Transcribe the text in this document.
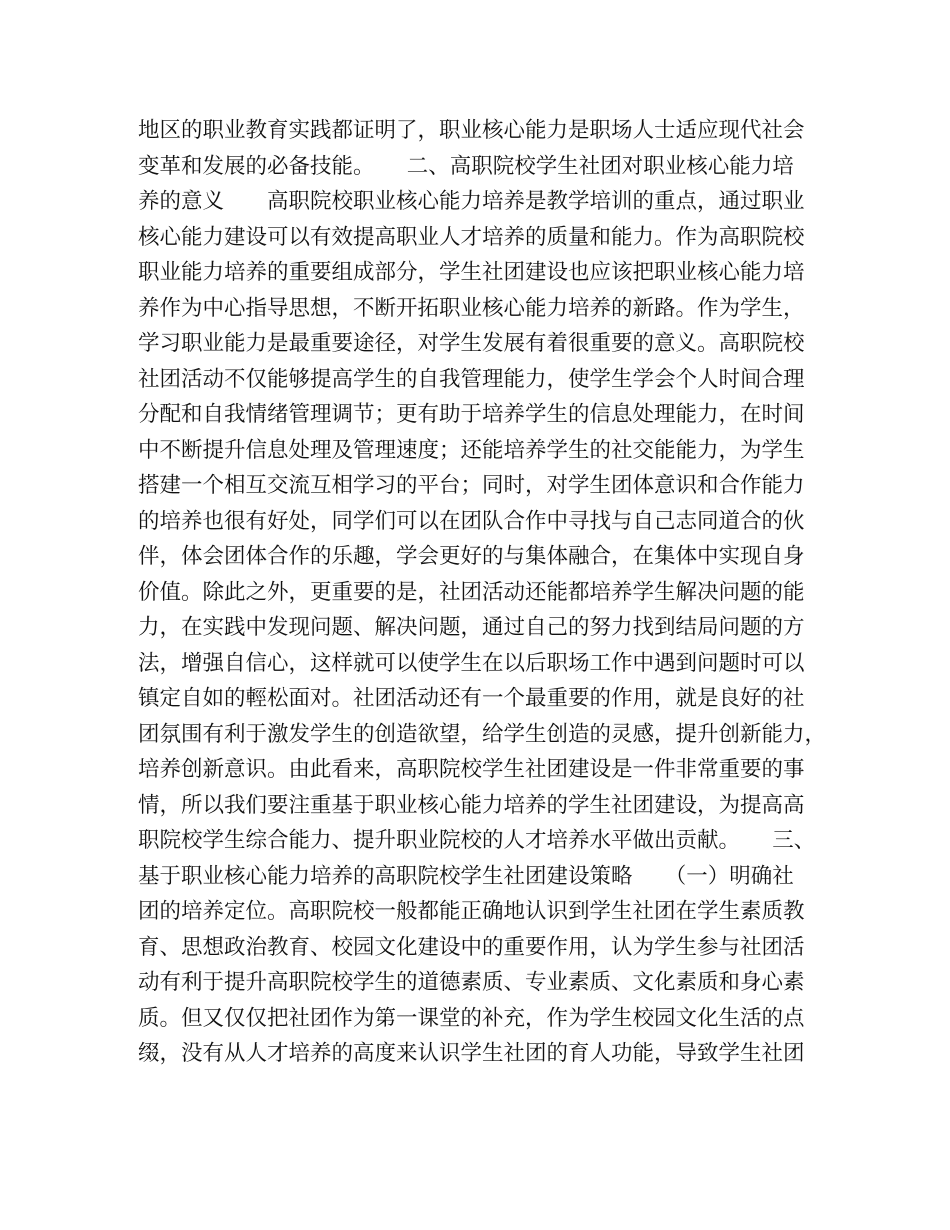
地区的职业教育实践都证明了，职业核心能力是职场人士适应现代社会
变革和发展的必备技能。　　二、高职院校学生社团对职业核心能力培
养的意义　　高职院校职业核心能力培养是教学培训的重点，通过职业
核心能力建设可以有效提高职业人才培养的质量和能力。作为高职院校
职业能力培养的重要组成部分，学生社团建设也应该把职业核心能力培
养作为中心指导思想，不断开拓职业核心能力培养的新路。作为学生，
学习职业能力是最重要途径，对学生发展有着很重要的意义。高职院校
社团活动不仅能够提高学生的自我管理能力，使学生学会个人时间合理
分配和自我情绪管理调节；更有助于培养学生的信息处理能力，在时间
中不断提升信息处理及管理速度；还能培养学生的社交能能力，为学生
搭建一个相互交流互相学习的平台；同时，对学生团体意识和合作能力
的培养也很有好处，同学们可以在团队合作中寻找与自己志同道合的伙
伴，体会团体合作的乐趣，学会更好的与集体融合，在集体中实现自身
价值。除此之外，更重要的是，社团活动还能都培养学生解决问题的能
力，在实践中发现问题、解决问题，通过自己的努力找到结局问题的方
法，增强自信心，这样就可以使学生在以后职场工作中遇到问题时可以
镇定自如的輕松面对。社团活动还有一个最重要的作用，就是良好的社
团氛围有利于激发学生的创造欲望，给学生创造的灵感，提升创新能力，
培养创新意识。由此看来，高职院校学生社团建设是一件非常重要的事
情，所以我们要注重基于职业核心能力培养的学生社团建设，为提高高
职院校学生综合能力、提升职业院校的人才培养水平做出贡献。　　三、
基于职业核心能力培养的高职院校学生社团建设策略　　（一）明确社
团的培养定位。高职院校一般都能正确地认识到学生社团在学生素质教
育、思想政治教育、校园文化建设中的重要作用，认为学生参与社团活
动有利于提升高职院校学生的道德素质、专业素质、文化素质和身心素
质。但又仅仅把社团作为第一课堂的补充，作为学生校园文化生活的点
缀，没有从人才培养的高度来认识学生社团的育人功能，导致学生社团
